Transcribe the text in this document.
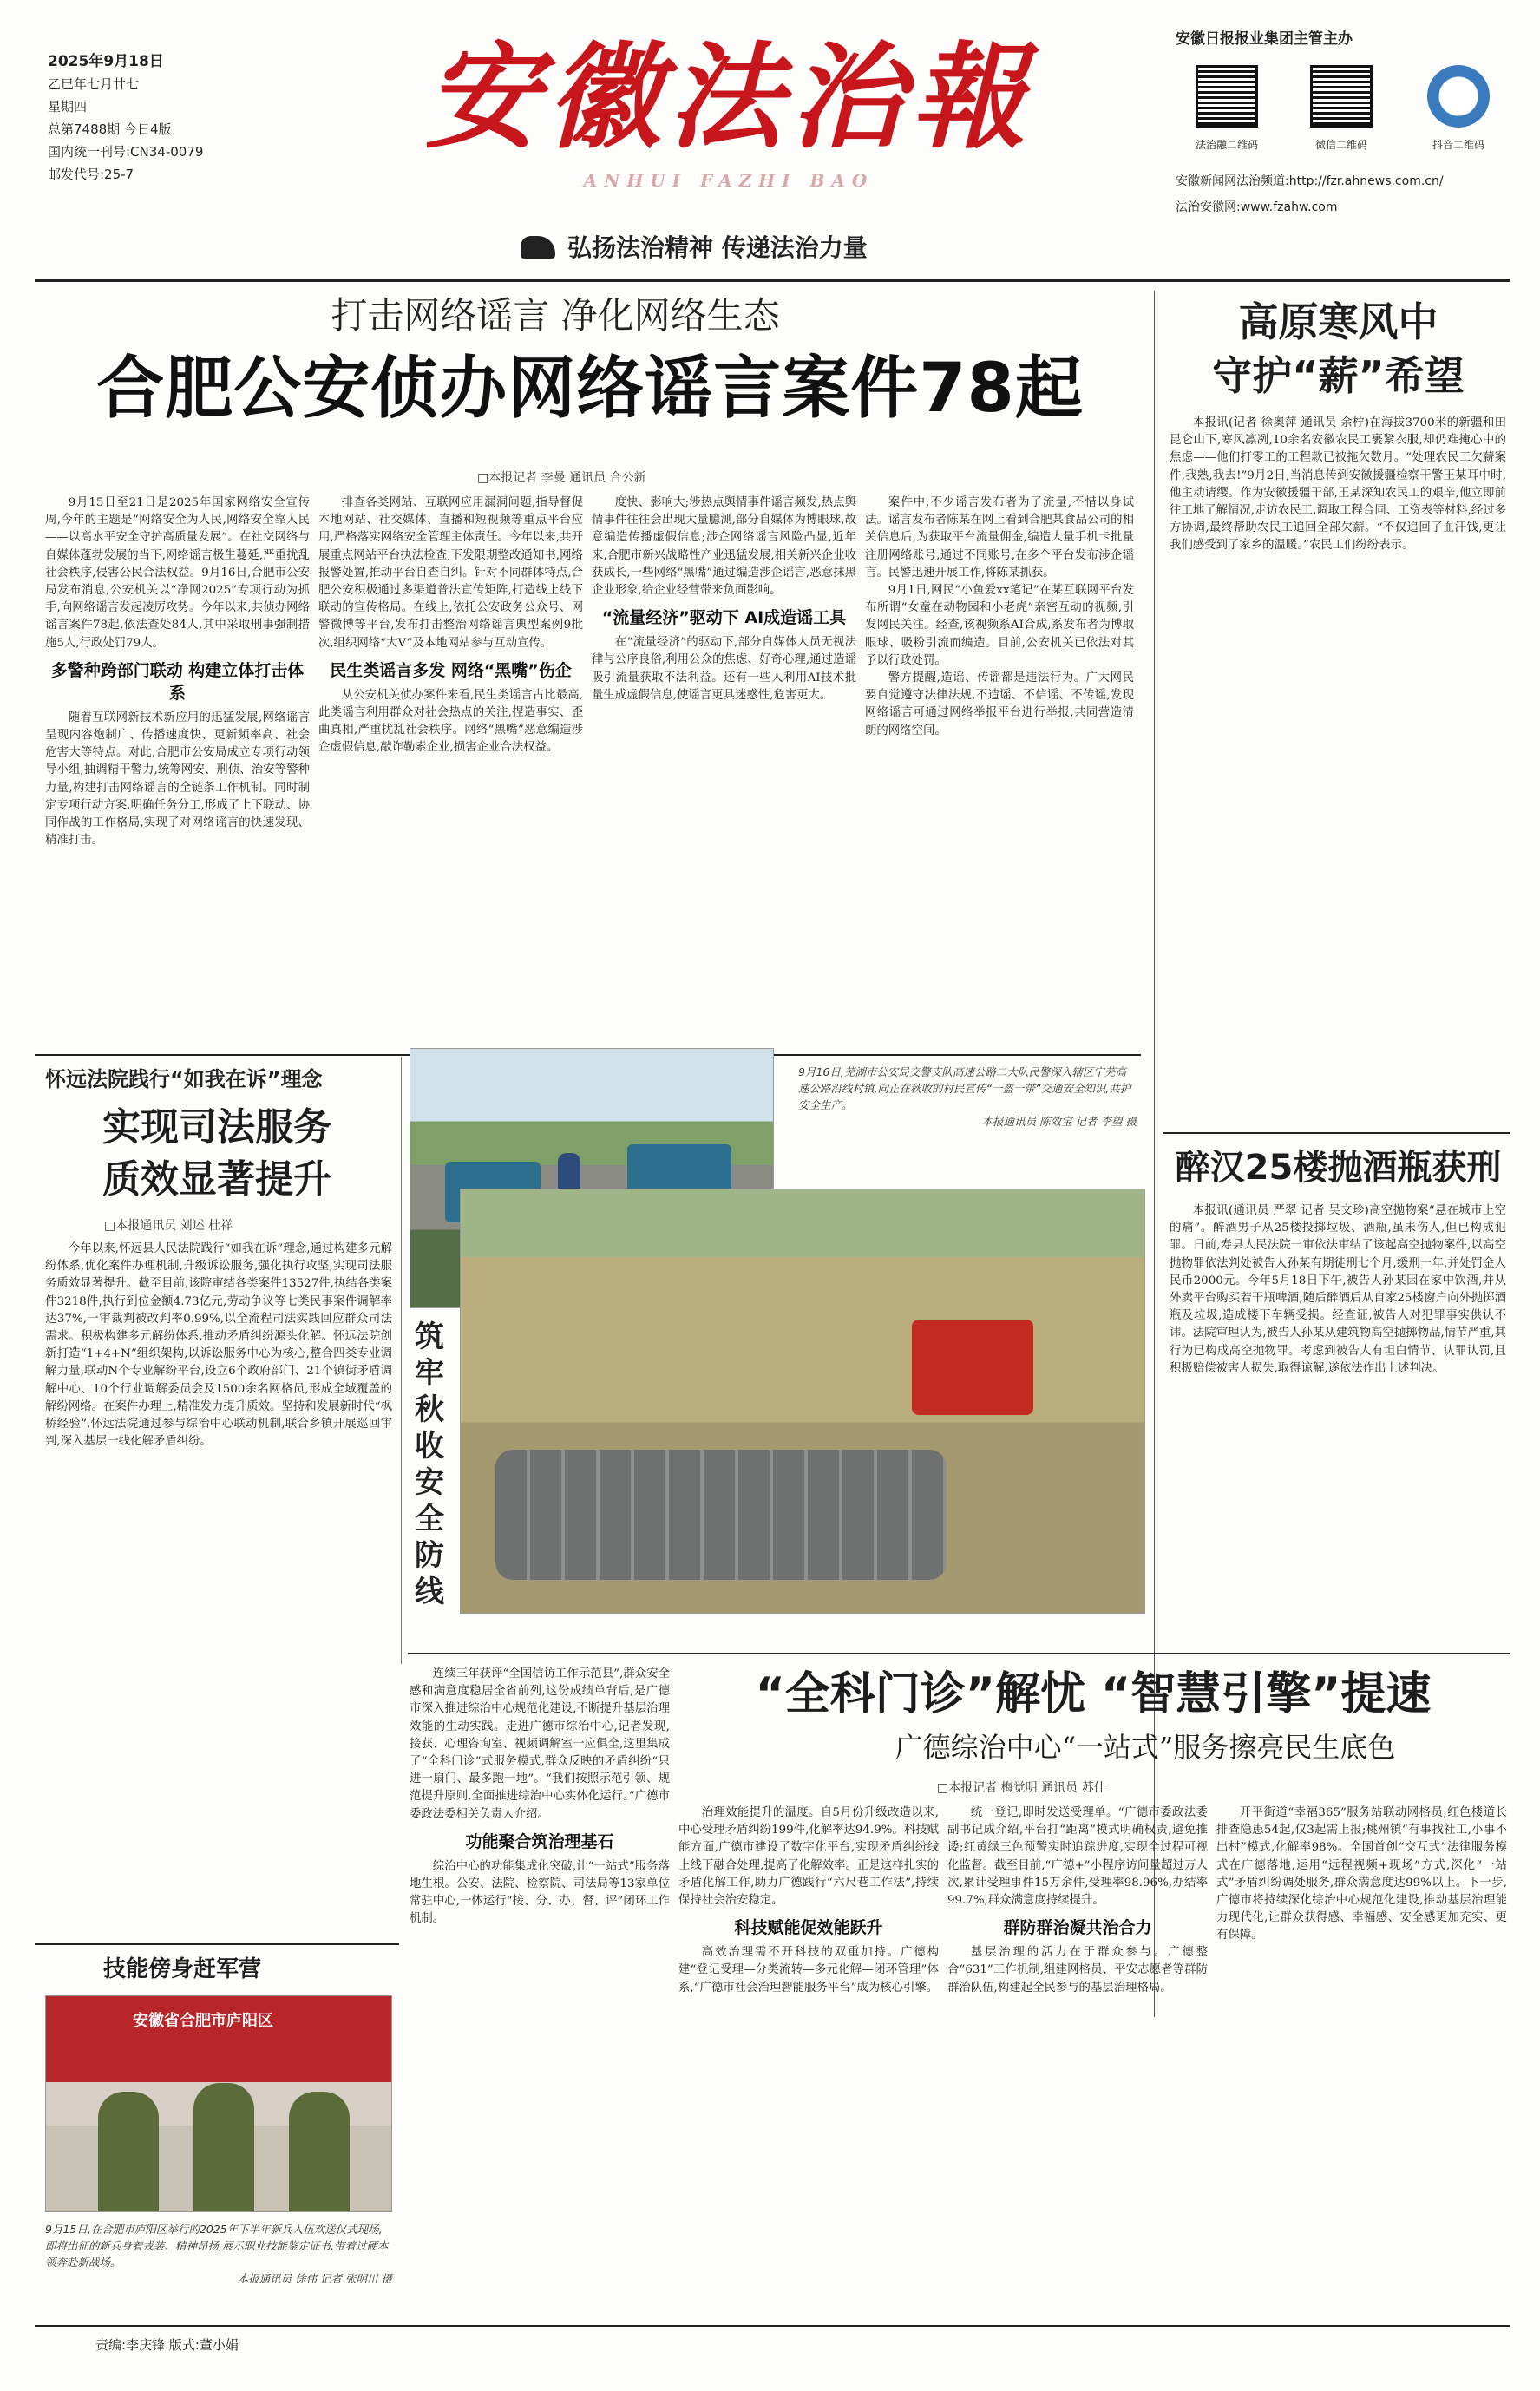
2025年9月18日
乙巳年七月廿七
星期四
总第7488期 今日4版
国内统一刊号:CN34-0079
邮发代号:25-7
安徽法治報
ANHUI FAZHI BAO
弘扬法治精神 传递法治力量
安徽日报报业集团主管主办
法治融二维码	微信二维码	抖音二维码
安徽新闻网法治频道:http://fzr.ahnews.com.cn/
法治安徽网:www.fzahw.com
打击网络谣言 净化网络生态
合肥公安侦办网络谣言案件78起
□本报记者 李曼 通讯员 合公新

9月15日至21日是2025年国家网络安全宣传周,今年的主题是“网络安全为人民,网络安全靠人民——以高水平安全守护高质量发展”。在社交网络与自媒体蓬勃发展的当下,网络谣言极生蔓延,严重扰乱社会秩序,侵害公民合法权益。9月16日,合肥市公安局发布消息,公安机关以“净网2025”专项行动为抓手,向网络谣言发起凌厉攻势。今年以来,共侦办网络谣言案件78起,依法查处84人,其中采取刑事强制措施5人,行政处罚79人。

多警种跨部门联动 构建立体打击体系

随着互联网新技术新应用的迅猛发展,网络谣言呈现内容炮制广、传播速度快、更新频率高、社会危害大等特点。对此,合肥市公安局成立专项行动领导小组,抽调精干警力,统筹网安、刑侦、治安等警种力量,构建打击网络谣言的全链条工作机制。同时制定专项行动方案,明确任务分工,形成了上下联动、协同作战的工作格局,实现了对网络谣言的快速发现、精准打击。

排查各类网站、互联网应用漏洞问题,指导督促本地网站、社交媒体、直播和短视频等重点平台应用,严格落实网络安全管理主体责任。今年以来,共开展重点网站平台执法检查,下发限期整改通知书,网络报警处置,推动平台自查自纠。针对不同群体特点,合肥公安积极通过多渠道普法宣传矩阵,打造线上线下联动的宣传格局。在线上,依托公安政务公众号、网警微博等平台,发布打击整治网络谣言典型案例9批次,组织网络“大V”及本地网站参与互动宣传。

民生类谣言多发 网络“黑嘴”伤企

从公安机关侦办案件来看,民生类谣言占比最高,此类谣言利用群众对社会热点的关注,捏造事实、歪曲真相,严重扰乱社会秩序。网络“黑嘴”恶意编造涉企虚假信息,敲诈勒索企业,损害企业合法权益。

度快、影响大;涉热点舆情事件谣言频发,热点舆情事件往往会出现大量臆测,部分自媒体为博眼球,故意编造传播虚假信息;涉企网络谣言风险凸显,近年来,合肥市新兴战略性产业迅猛发展,相关新兴企业收获成长,一些网络“黑嘴”通过编造涉企谣言,恶意抹黑企业形象,给企业经营带来负面影响。

“流量经济”驱动下 AI成造谣工具

在“流量经济”的驱动下,部分自媒体人员无视法律与公序良俗,利用公众的焦虑、好奇心理,通过造谣吸引流量获取不法利益。还有一些人利用AI技术批量生成虚假信息,使谣言更具迷惑性,危害更大。

案件中,不少谣言发布者为了流量,不惜以身试法。谣言发布者陈某在网上看到合肥某食品公司的相关信息后,为获取平台流量佣金,编造大量手机卡批量注册网络账号,通过不同账号,在多个平台发布涉企谣言。民警迅速开展工作,将陈某抓获。

9月1日,网民“小鱼爱xx笔记”在某互联网平台发布所谓“女童在动物园和小老虎”亲密互动的视频,引发网民关注。经查,该视频系AI合成,系发布者为博取眼球、吸粉引流而编造。目前,公安机关已依法对其予以行政处罚。

警方提醒,造谣、传谣都是违法行为。广大网民要自觉遵守法律法规,不造谣、不信谣、不传谣,发现网络谣言可通过网络举报平台进行举报,共同营造清朗的网络空间。

高原寒风中
守护“薪”希望

本报讯(记者 徐奥萍 通讯员 余柠)在海拔3700米的新疆和田昆仑山下,寒风凛冽,10余名安徽农民工裹紧衣服,却仍难掩心中的焦虑——他们打零工的工程款已被拖欠数月。“处理农民工欠薪案件,我熟,我去!”9月2日,当消息传到安徽援疆检察干警王某耳中时,他主动请缨。作为安徽援疆干部,王某深知农民工的艰辛,他立即前往工地了解情况,走访农民工,调取工程合同、工资表等材料,经过多方协调,最终帮助农民工追回全部欠薪。“不仅追回了血汗钱,更让我们感受到了家乡的温暖。”农民工们纷纷表示。

醉汉25楼抛酒瓶获刑

本报讯(通讯员 严翠 记者 吴文珍)高空抛物案“悬在城市上空的痛”。醉酒男子从25楼投掷垃圾、酒瓶,虽未伤人,但已构成犯罪。日前,寿县人民法院一审依法审结了该起高空抛物案件,以高空抛物罪依法判处被告人孙某有期徒刑七个月,缓刑一年,并处罚金人民币2000元。今年5月18日下午,被告人孙某因在家中饮酒,并从外卖平台购买若干瓶啤酒,随后醉酒后从自家25楼窗户向外抛掷酒瓶及垃圾,造成楼下车辆受损。经查证,被告人对犯罪事实供认不讳。法院审理认为,被告人孙某从建筑物高空抛掷物品,情节严重,其行为已构成高空抛物罪。考虑到被告人有坦白情节、认罪认罚,且积极赔偿被害人损失,取得谅解,遂依法作出上述判决。

怀远法院践行“如我在诉”理念
实现司法服务
质效显著提升
□本报通讯员 刘述 杜祥

今年以来,怀远县人民法院践行“如我在诉”理念,通过构建多元解纷体系,优化案件办理机制,升级诉讼服务,强化执行攻坚,实现司法服务质效显著提升。截至目前,该院审结各类案件13527件,执结各类案件3218件,执行到位金额4.73亿元,劳动争议等七类民事案件调解率达37%,一审裁判被改判率0.99%,以全流程司法实践回应群众司法需求。积极构建多元解纷体系,推动矛盾纠纷源头化解。怀远法院创新打造“1+4+N”组织架构,以诉讼服务中心为核心,整合四类专业调解力量,联动N个专业解纷平台,设立6个政府部门、21个镇街矛盾调解中心、10个行业调解委员会及1500余名网格员,形成全域覆盖的解纷网络。在案件办理上,精准发力提升质效。坚持和发展新时代“枫桥经验”,怀远法院通过参与综治中心联动机制,联合乡镇开展巡回审判,深入基层一线化解矛盾纠纷。

9月16日,芜湖市公安局交警支队高速公路二大队民警深入辖区宁芜高速公路沿线村镇,向正在秋收的村民宣传“一盔一带”交通安全知识,共护安全生产。

本报通讯员 陈效宝 记者 李望 摄
筑牢秋收安全防线
“全科门诊”解忧 “智慧引擎”提速
广德综治中心“一站式”服务擦亮民生底色
□本报记者 梅觉明 通讯员 苏什

连续三年获评“全国信访工作示范县”,群众安全感和满意度稳居全省前列,这份成绩单背后,是广德市深入推进综治中心规范化建设,不断提升基层治理效能的生动实践。走进广德市综治中心,记者发现,接获、心理咨询室、视频调解室一应俱全,这里集成了“全科门诊”式服务模式,群众反映的矛盾纠纷“只进一扇门、最多跑一地”。“我们按照示范引领、规范提升原则,全面推进综治中心实体化运行。”广德市委政法委相关负责人介绍。

功能聚合筑治理基石

综治中心的功能集成化突破,让“一站式”服务落地生根。公安、法院、检察院、司法局等13家单位常驻中心,一体运行“接、分、办、督、评”闭环工作机制。

治理效能提升的温度。自5月份升级改造以来,中心受理矛盾纠纷199件,化解率达94.9%。科技赋能方面,广德市建设了数字化平台,实现矛盾纠纷线上线下融合处理,提高了化解效率。正是这样扎实的矛盾化解工作,助力广德践行“六尺巷工作法”,持续保持社会治安稳定。

科技赋能促效能跃升

高效治理需不开科技的双重加持。广德构建“登记受理—分类流转—多元化解—闭环管理”体系,“广德市社会治理智能服务平台”成为核心引擎。

统一登记,即时发送受理单。“广德市委政法委副书记成介绍,平台打“距离”模式明确权责,避免推诿;红黄绿三色预警实时追踪进度,实现全过程可视化监督。截至目前,“广德+”小程序访问量超过万人次,累计受理事件15万余件,受理率98.96%,办结率99.7%,群众满意度持续提升。

群防群治凝共治合力

基层治理的活力在于群众参与。广德整合“631”工作机制,组建网格员、平安志愿者等群防群治队伍,构建起全民参与的基层治理格局。

开平街道“幸福365”服务站联动网格员,红色楼道长排查隐患54起,仅3起需上报;桃州镇“有事找社工,小事不出村”模式,化解率98%。全国首创“交互式”法律服务模式在广德落地,运用“远程视频+现场”方式,深化“一站式”矛盾纠纷调处服务,群众满意度达99%以上。下一步,广德市将持续深化综治中心规范化建设,推动基层治理能力现代化,让群众获得感、幸福感、安全感更加充实、更有保障。

技能傍身赶军营
安徽省合肥市庐阳区
9月15日,在合肥市庐阳区举行的2025年下半年新兵入伍欢送仪式现场,即将出征的新兵身着戎装、精神昂扬,展示职业技能鉴定证书,带着过硬本领奔赴新战场。

本报通讯员 徐伟 记者 张明川 摄
责编:李庆锋 版式:董小娟
